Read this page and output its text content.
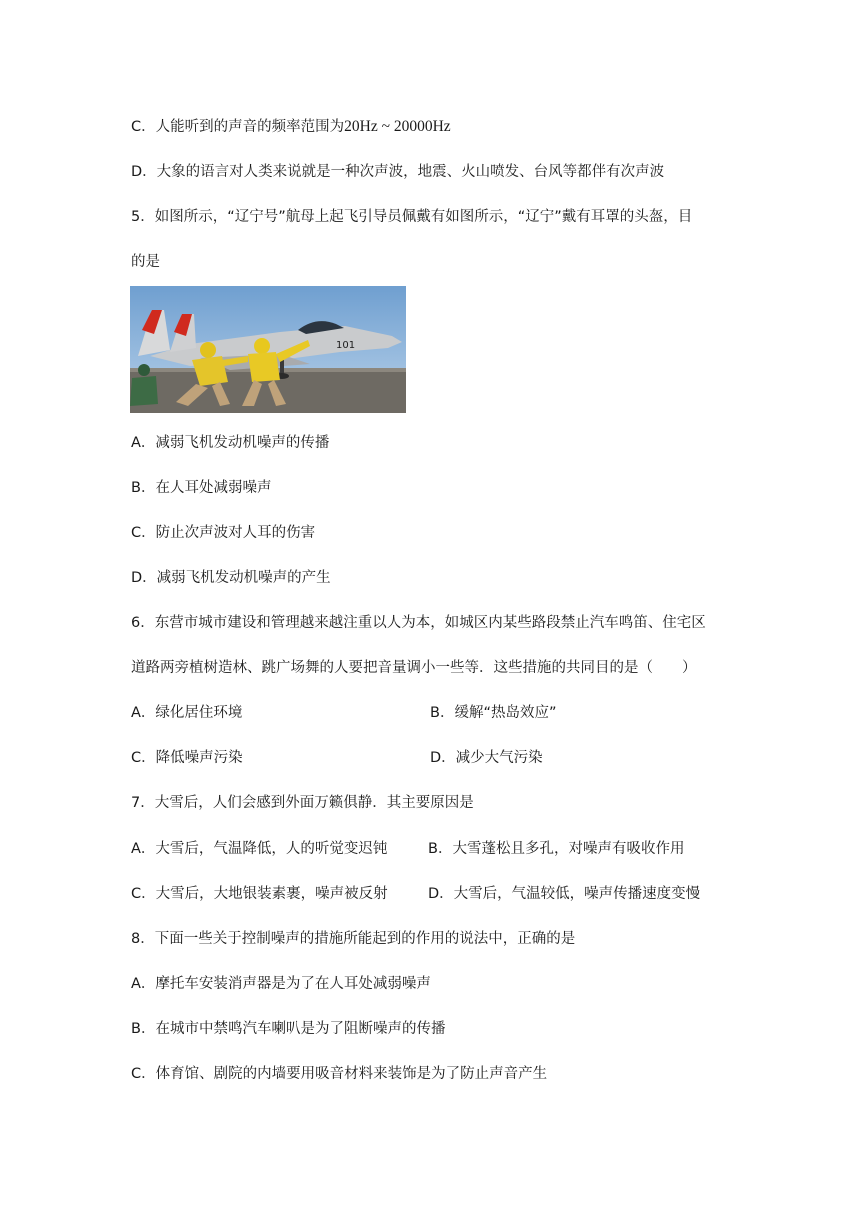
C．人能听到的声音的频率范围为20Hz ~ 20000Hz
D．大象的语言对人类来说就是一种次声波，地震、火山喷发、台风等都伴有次声波
5．如图所示，“辽宁号”航母上起飞引导员佩戴有如图所示，“辽宁”戴有耳罩的头盔，目
的是
101
A．减弱飞机发动机噪声的传播
B．在人耳处减弱噪声
C．防止次声波对人耳的伤害
D．减弱飞机发动机噪声的产生
6．东营市城市建设和管理越来越注重以人为本，如城区内某些路段禁止汽车鸣笛、住宅区
道路两旁植树造林、跳广场舞的人要把音量调小一些等．这些措施的共同目的是（　　）
A．绿化居住环境	B．缓解“热岛效应”
C．降低噪声污染	D．减少大气污染
7．大雪后，人们会感到外面万籁俱静．其主要原因是
A．大雪后，气温降低，人的听觉变迟钝	B．大雪蓬松且多孔，对噪声有吸收作用
C．大雪后，大地银装素裹，噪声被反射	D．大雪后，气温较低，噪声传播速度变慢
8．下面一些关于控制噪声的措施所能起到的作用的说法中，正确的是
A．摩托车安装消声器是为了在人耳处减弱噪声
B．在城市中禁鸣汽车喇叭是为了阻断噪声的传播
C．体育馆、剧院的内墙要用吸音材料来装饰是为了防止声音产生
